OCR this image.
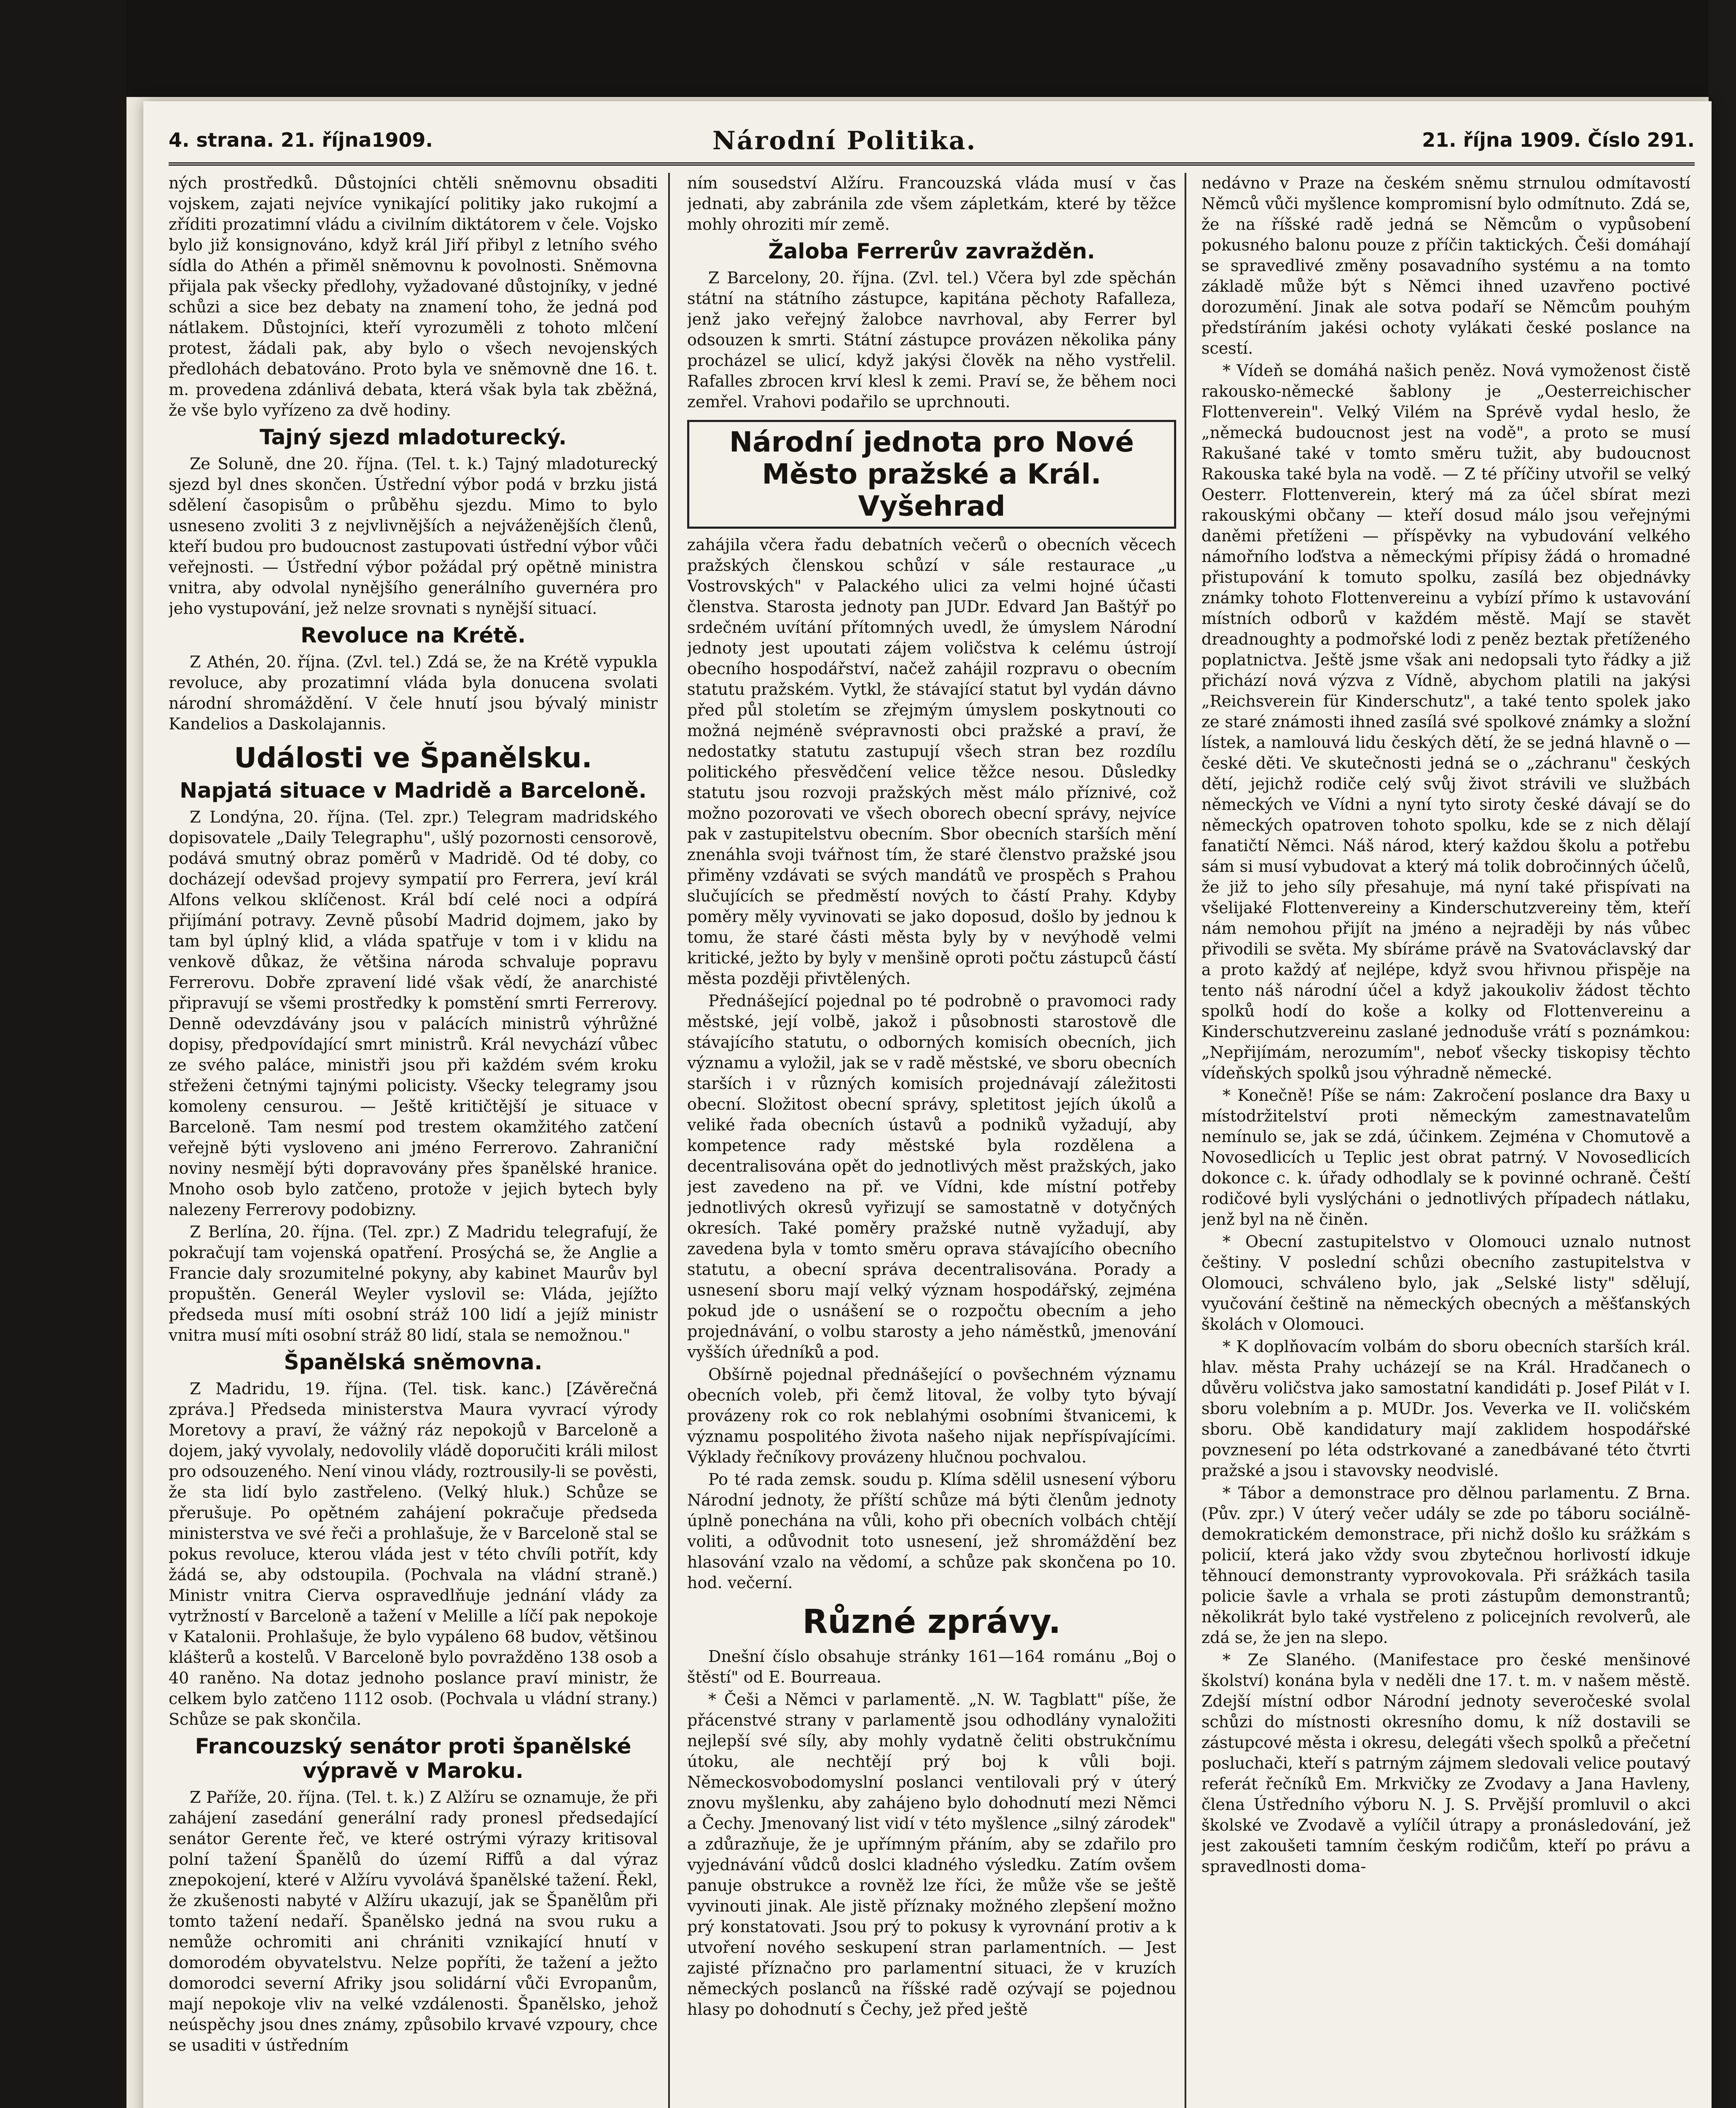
4. strana. 21. října1909.	Národní Politika.	21. října 1909. Číslo 291.

ných prostředků. Důstojníci chtěli sněmovnu obsaditi vojskem, zajati nejvíce vynikající politiky jako rukojmí a zříditi prozatimní vládu a civilním diktátorem v čele. Vojsko bylo již konsignováno, když král Jiří přibyl z letního svého sídla do Athén a přiměl sněmovnu k povolnosti. Sněmovna přijala pak všecky předlohy, vyžadované důstojníky, v jedné schůzi a sice bez debaty na znamení toho, že jedná pod nátlakem. Důstojníci, kteří vyrozuměli z tohoto mlčení protest, žádali pak, aby bylo o všech nevojenských předlohách debatováno. Proto byla ve sněmovně dne 16. t. m. provedena zdánlivá debata, která však byla tak zběžná, že vše bylo vyřízeno za dvě hodiny.

Tajný sjezd mladoturecký.

Ze Soluně, dne 20. října. (Tel. t. k.) Tajný mladoturecký sjezd byl dnes skončen. Ústřední výbor podá v brzku jistá sdělení časopisům o průběhu sjezdu. Mimo to bylo usneseno zvoliti 3 z nejvlivnějších a nejváženějších členů, kteří budou pro budoucnost zastupovati ústřední výbor vůči veřejnosti. — Ústřední výbor požádal prý opětně ministra vnitra, aby odvolal nynějšího generálního guvernéra pro jeho vystupování, jež nelze srovnati s nynější situací.

Revoluce na Krétě.

Z Athén, 20. října. (Zvl. tel.) Zdá se, že na Krétě vypukla revoluce, aby prozatimní vláda byla donucena svolati národní shromáždění. V čele hnutí jsou bývalý ministr Kandelios a Daskolajannis.

Události ve Španělsku.
Napjatá situace v Madridě a Barceloně.

Z Londýna, 20. října. (Tel. zpr.) Telegram madridského dopisovatele „Daily Telegraphu", ušlý pozornosti censorově, podává smutný obraz poměrů v Madridě. Od té doby, co docházejí odevšad projevy sympatií pro Ferrera, jeví král Alfons velkou sklíčenost. Král bdí celé noci a odpírá přijímání potravy. Zevně působí Madrid dojmem, jako by tam byl úplný klid, a vláda spatřuje v tom i v klidu na venkově důkaz, že většina národa schvaluje popravu Ferrerovu. Dobře zpravení lidé však vědí, že anarchisté připravují se všemi prostředky k pomstění smrti Ferrerovy. Denně odevzdávány jsou v palácích ministrů výhrůžné dopisy, předpovídající smrt ministrů. Král nevychází vůbec ze svého paláce, ministři jsou při každém svém kroku střeženi četnými tajnými policisty. Všecky telegramy jsou komoleny censurou. — Ještě kritičtější je situace v Barceloně. Tam nesmí pod trestem okamžitého zatčení veřejně býti vysloveno ani jméno Ferrerovo. Zahraniční noviny nesmějí býti dopravovány přes španělské hranice. Mnoho osob bylo zatčeno, protože v jejich bytech byly nalezeny Ferrerovy podobizny.

Z Berlína, 20. října. (Tel. zpr.) Z Madridu telegrafují, že pokračují tam vojenská opatření. Prosýchá se, že Anglie a Francie daly srozumitelné pokyny, aby kabinet Maurův byl propuštěn. Generál Weyler vyslovil se: Vláda, jejížto předseda musí míti osobní stráž 100 lidí a jejíž ministr vnitra musí míti osobní stráž 80 lidí, stala se nemožnou."

Španělská sněmovna.

Z Madridu, 19. října. (Tel. tisk. kanc.) [Závěrečná zpráva.] Předseda ministerstva Maura vyvrací výrody Moretovy a praví, že vážný ráz nepokojů v Barceloně a dojem, jaký vyvolaly, nedovolily vládě doporučiti králi milost pro odsouzeného. Není vinou vlády, roztrousily-li se pověsti, že sta lidí bylo zastřeleno. (Velký hluk.) Schůze se přerušuje. Po opětném zahájení pokračuje předseda ministerstva ve své řeči a prohlašuje, že v Barceloně stal se pokus revoluce, kterou vláda jest v této chvíli potřít, kdy žádá se, aby odstoupila. (Pochvala na vládní straně.) Ministr vnitra Cierva ospravedlňuje jednání vlády za vytržností v Barceloně a tažení v Melille a líčí pak nepokoje v Katalonii. Prohlašuje, že bylo vypáleno 68 budov, většinou klášterů a kostelů. V Barceloně bylo povražděno 138 osob a 40 raněno. Na dotaz jednoho poslance praví ministr, že celkem bylo zatčeno 1112 osob. (Pochvala u vládní strany.) Schůze se pak skončila.

Francouzský senátor proti španělské výpravě v Maroku.

Z Paříže, 20. října. (Tel. t. k.) Z Alžíru se oznamuje, že při zahájení zasedání generální rady pronesl předsedající senátor Gerente řeč, ve které ostrými výrazy kritisoval polní tažení Španělů do území Riffů a dal výraz znepokojení, které v Alžíru vyvolává španělské tažení. Řekl, že zkušenosti nabyté v Alžíru ukazují, jak se Španělům při tomto tažení nedaří. Španělsko jedná na svou ruku a nemůže ochromiti ani chrániti vznikající hnutí v domorodém obyvatelstvu. Nelze popříti, že tažení a ježto domorodci severní Afriky jsou solidární vůči Evropanům, mají nepokoje vliv na velké vzdálenosti. Španělsko, jehož neúspěchy jsou dnes známy, způsobilo krvavé vzpoury, chce se usaditi v ústředním

ním sousedství Alžíru. Francouzská vláda musí v čas jednati, aby zabránila zde všem zápletkám, které by těžce mohly ohroziti mír země.

Žaloba Ferrerův zavražděn.

Z Barcelony, 20. října. (Zvl. tel.) Včera byl zde spěchán státní na státního zástupce, kapitána pěchoty Rafalleza, jenž jako veřejný žalobce navrhoval, aby Ferrer byl odsouzen k smrti. Státní zástupce provázen několika pány procházel se ulicí, když jakýsi člověk na něho vystřelil. Rafalles zbrocen krví klesl k zemi. Praví se, že během noci zemřel. Vrahovi podařilo se uprchnouti.

Národní jednota pro Nové Město pražské a Král. Vyšehrad

zahájila včera řadu debatních večerů o obecních věcech pražských členskou schůzí v sále restaurace „u Vostrovských" v Palackého ulici za velmi hojné účasti členstva. Starosta jednoty pan JUDr. Edvard Jan Baštýř po srdečném uvítání přítomných uvedl, že úmyslem Národní jednoty jest upoutati zájem voličstva k celému ústrojí obecního hospodářství, načež zahájil rozpravu o obecním statutu pražském. Vytkl, že stávající statut byl vydán dávno před půl stoletím se zřejmým úmyslem poskytnouti co možná nejméně svépravnosti obci pražské a praví, že nedostatky statutu zastupují všech stran bez rozdílu politického přesvědčení velice těžce nesou. Důsledky statutu jsou rozvoji pražských měst málo příznivé, což možno pozorovati ve všech oborech obecní správy, nejvíce pak v zastupitelstvu obecním. Sbor obecních starších mění znenáhla svoji tvářnost tím, že staré členstvo pražské jsou přiměny vzdávati se svých mandátů ve prospěch s Prahou slučujících se předměstí nových to částí Prahy. Kdyby poměry měly vyvinovati se jako doposud, došlo by jednou k tomu, že staré části města byly by v nevýhodě velmi kritické, ježto by byly v menšině oproti počtu zástupců částí města později přivtělených.

Přednášející pojednal po té podrobně o pravomoci rady městské, její volbě, jakož i působnosti starostově dle stávajícího statutu, o odborných komisích obecních, jich významu a vyložil, jak se v radě městské, ve sboru obecních starších i v různých komisích projednávají záležitosti obecní. Složitost obecní správy, spletitost jejích úkolů a veliké řada obecních ústavů a podniků vyžadují, aby kompetence rady městské byla rozdělena a decentralisována opět do jednotlivých měst pražských, jako jest zavedeno na př. ve Vídni, kde místní potřeby jednotlivých okresů vyřizují se samostatně v dotyčných okresích. Také poměry pražské nutně vyžadují, aby zavedena byla v tomto směru oprava stávajícího obecního statutu, a obecní správa decentralisována. Porady a usnesení sboru mají velký význam hospodářský, zejména pokud jde o usnášení se o rozpočtu obecním a jeho projednávání, o volbu starosty a jeho náměstků, jmenování vyšších úředníků a pod.

Obšírně pojednal přednášející o povšechném významu obecních voleb, při čemž litoval, že volby tyto bývají provázeny rok co rok neblahými osobními štvanicemi, k významu pospolitého života našeho nijak nepříspívajícími. Výklady řečníkovy provázeny hlučnou pochvalou.

Po té rada zemsk. soudu p. Klíma sdělil usnesení výboru Národní jednoty, že příští schůze má býti členům jednoty úplně ponechána na vůli, koho při obecních volbách chtějí voliti, a odůvodnit toto usnesení, jež shromáždění bez hlasování vzalo na vědomí, a schůze pak skončena po 10. hod. večerní.

Různé zprávy.

Dnešní číslo obsahuje stránky 161—164 románu „Boj o štěstí" od E. Bourreaua.

* Češi a Němci v parlamentě. „N. W. Tagblatt" píše, že přácenstvé strany v parlamentě jsou odhodlány vynaložiti nejlepší své síly, aby mohly vydatně čeliti obstrukčnímu útoku, ale nechtějí prý boj k vůli boji. Německosvobodomyslní poslanci ventilovali prý v úterý znovu myšlenku, aby zahájeno bylo dohodnutí mezi Němci a Čechy. Jmenovaný list vidí v této myšlence „silný zárodek" a zdůrazňuje, že je upřímným přáním, aby se zdařilo pro vyjednávání vůdců doslci kladného výsledku. Zatím ovšem panuje obstrukce a rovněž lze říci, že může vše se ještě vyvinouti jinak. Ale jistě příznaky možného zlepšení možno prý konstatovati. Jsou prý to pokusy k vyrovnání protiv a k utvoření nového seskupení stran parlamentních. — Jest zajisté příznačno pro parlamentní situaci, že v kruzích německých poslanců na říšské radě ozývají se pojednou hlasy po dohodnutí s Čechy, jež před ještě

nedávno v Praze na českém sněmu strnulou odmítavostí Němců vůči myšlence kompromisní bylo odmítnuto. Zdá se, že na říšské radě jedná se Němcům o vypůsobení pokusného balonu pouze z příčin taktických. Češi domáhají se spravedlivé změny posavadního systému a na tomto základě může být s Němci ihned uzavřeno poctivé dorozumění. Jinak ale sotva podaří se Němcům pouhým předstíráním jakési ochoty vylákati české poslance na scestí.

* Vídeň se domáhá našich peněz. Nová vymoženost čistě rakousko-německé šablony je „Oesterreichischer Flottenverein". Velký Vilém na Sprévě vydal heslo, že „německá budoucnost jest na vodě", a proto se musí Rakušané také v tomto směru tužit, aby budoucnost Rakouska také byla na vodě. — Z té příčiny utvořil se velký Oesterr. Flottenverein, který má za účel sbírat mezi rakouskými občany — kteří dosud málo jsou veřejnými daněmi přetíženi — příspěvky na vybudování velkého námořního loďstva a německými přípisy žádá o hromadné přistupování k tomuto spolku, zasílá bez objednávky známky tohoto Flottenvereinu a vybízí přímo k ustavování místních odborů v každém městě. Mají se stavět dreadnoughty a podmořské lodi z peněz beztak přetíženého poplatnictva. Ještě jsme však ani nedopsali tyto řádky a již přichází nová výzva z Vídně, abychom platili na jakýsi „Reichsverein für Kinderschutz", a také tento spolek jako ze staré známosti ihned zasílá své spolkové známky a složní lístek, a namlouvá lidu českých dětí, že se jedná hlavně o — české děti. Ve skutečnosti jedná se o „záchranu" českých dětí, jejichž rodiče celý svůj život strávili ve službách německých ve Vídni a nyní tyto siroty české dávají se do německých opatroven tohoto spolku, kde se z nich dělají fanatičtí Němci. Náš národ, který každou školu a potřebu sám si musí vybudovat a který má tolik dobročinných účelů, že již to jeho síly přesahuje, má nyní také přispívati na všelijaké Flottenvereiny a Kinderschutzvereiny těm, kteří nám nemohou přijít na jméno a nejraději by nás vůbec přivodili se světa. My sbíráme právě na Svatováclavský dar a proto každý ať nejlépe, když svou hřivnou přispěje na tento náš národní účel a když jakoukoliv žádost těchto spolků hodí do koše a kolky od Flottenvereinu a Kinderschutzvereinu zaslané jednoduše vrátí s poznámkou: „Nepřijímám, nerozumím", neboť všecky tiskopisy těchto vídeňských spolků jsou výhradně německé.

* Konečně! Píše se nám: Zakročení poslance dra Baxy u místodržitelství proti německým zamestnavatelům nemínulo se, jak se zdá, účinkem. Zejména v Chomutově a Novosedlicích u Teplic jest obrat patrný. V Novosedlicích dokonce c. k. úřady odhodlaly se k povinné ochraně. Čeští rodičové byli vyslýcháni o jednotlivých případech nátlaku, jenž byl na ně činěn.

* Obecní zastupitelstvo v Olomouci uznalo nutnost češtiny. V poslední schůzi obecního zastupitelstva v Olomouci, schváleno bylo, jak „Selské listy" sdělují, vyučování češtině na německých obecných a měšťanských školách v Olomouci.

* K doplňovacím volbám do sboru obecních starších král. hlav. města Prahy ucházejí se na Král. Hradčanech o důvěru voličstva jako samostatní kandidáti p. Josef Pilát v I. sboru volebním a p. MUDr. Jos. Veverka ve II. voličském sboru. Obě kandidatury mají zaklidem hospodářské povznesení po léta odstrkované a zanedbávané této čtvrti pražské a jsou i stavovsky neodvislé.

* Tábor a demonstrace pro dělnou parlamentu. Z Brna. (Pův. zpr.) V úterý večer udály se zde po táboru sociálně-demokratickém demonstrace, při nichž došlo ku srážkám s policií, která jako vždy svou zbytečnou horlivostí idkuje těhnoucí demonstranty vyprovokovala. Při srážkách tasila policie šavle a vrhala se proti zástupům demonstrantů; několikrát bylo také vystřeleno z policejních revolverů, ale zdá se, že jen na slepo.

* Ze Slaného. (Manifestace pro české menšinové školství) konána byla v neděli dne 17. t. m. v našem městě. Zdejší místní odbor Národní jednoty severočeské svolal schůzi do místnosti okresního domu, k níž dostavili se zástupcové města i okresu, delegáti všech spolků a přečetní posluchači, kteří s patrným zájmem sledovali velice poutavý referát řečníků Em. Mrkvičky ze Zvodavy a Jana Havleny, člena Ústředního výboru N. J. S. Prvější promluvil o akci školské ve Zvodavě a vylíčil útrapy a pronásledování, jež jest zakoušeti tamním českým rodičům, kteří po právu a spravedlnosti doma-
